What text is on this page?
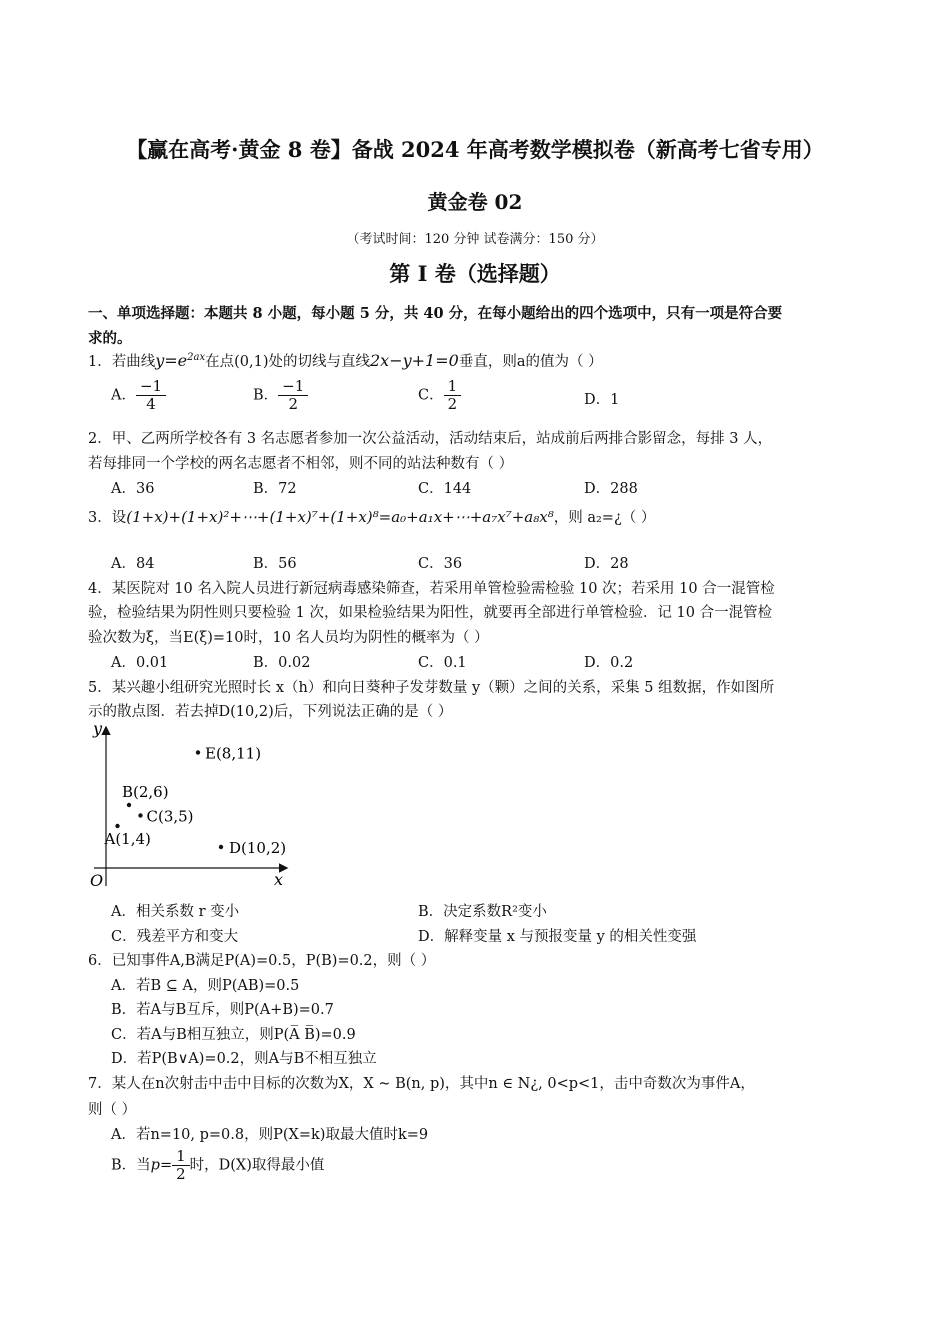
【赢在高考·黄金 8 卷】备战 2024 年高考数学模拟卷（新高考七省专用）
黄金卷 02
（考试时间：120 分钟 试卷满分：150 分）
第 I 卷（选择题）
一、单项选择题：本题共 8 小题，每小题 5 分，共 40 分，在每小题给出的四个选项中，只有一项是符合要
求的。
1．若曲线$y=e^{2ax}$在点(0,1)处的切线与直线2x−y+1=0垂直，则a的值为（ ）
A． $\frac{-1}{4}$	B． $\frac{-1}{2}$	C． $\frac{1}{2}$	D．1
2．甲、乙两所学校各有 3 名志愿者参加一次公益活动，活动结束后，站成前后两排合影留念，每排 3 人，
若每排同一个学校的两名志愿者不相邻，则不同的站法种数有（ ）
A．36	B．72	C．144	D．288
3．设(1+x)+(1+x)²+⋯+(1+x)⁷+(1+x)⁸=a₀+a₁x+⋯+a₇x⁷+a₈x⁸，则 a₂=¿（ ）
A．84	B．56	C．36	D．28
4．某医院对 10 名入院人员进行新冠病毒感染筛查，若采用单管检验需检验 10 次；若采用 10 合一混管检
验，检验结果为阴性则只要检验 1 次，如果检验结果为阳性，就要再全部进行单管检验．记 10 合一混管检
验次数为ξ，当E(ξ)=10时，10 名人员均为阴性的概率为（ ）
A．0.01	B．0.02	C．0.1	D．0.2
5．某兴趣小组研究光照时长 x（h）和向日葵种子发芽数量 y（颗）之间的关系，采集 5 组数据，作如图所
示的散点图．若去掉D(10,2)后，下列说法正确的是（ ）
y
x
O
A(1,4)
B(2,6)
C(3,5)
D(10,2)
E(8,11)
A．相关系数 r 变小	B．决定系数R²变小
C．残差平方和变大	D．解释变量 x 与预报变量 y 的相关性变强
6．已知事件A,B满足P(A)=0.5，P(B)=0.2，则（ ）
A．若B ⊆ A，则P(AB)=0.5
B．若A与B互斥，则P(A+B)=0.7
C．若A与B相互独立，则P(A̅ B̅)=0.9
D．若P(B∨A)=0.2，则A与B不相互独立
7．某人在n次射击中击中目标的次数为X，X ~ B(n, p)，其中n ∈ N¿, 0<p<1，击中奇数次为事件A，
则（ ）
A．若n=10, p=0.8，则P(X=k)取最大值时k=9
B．当$p= \frac{1}{2}$ 时，D(X)取得最小值
